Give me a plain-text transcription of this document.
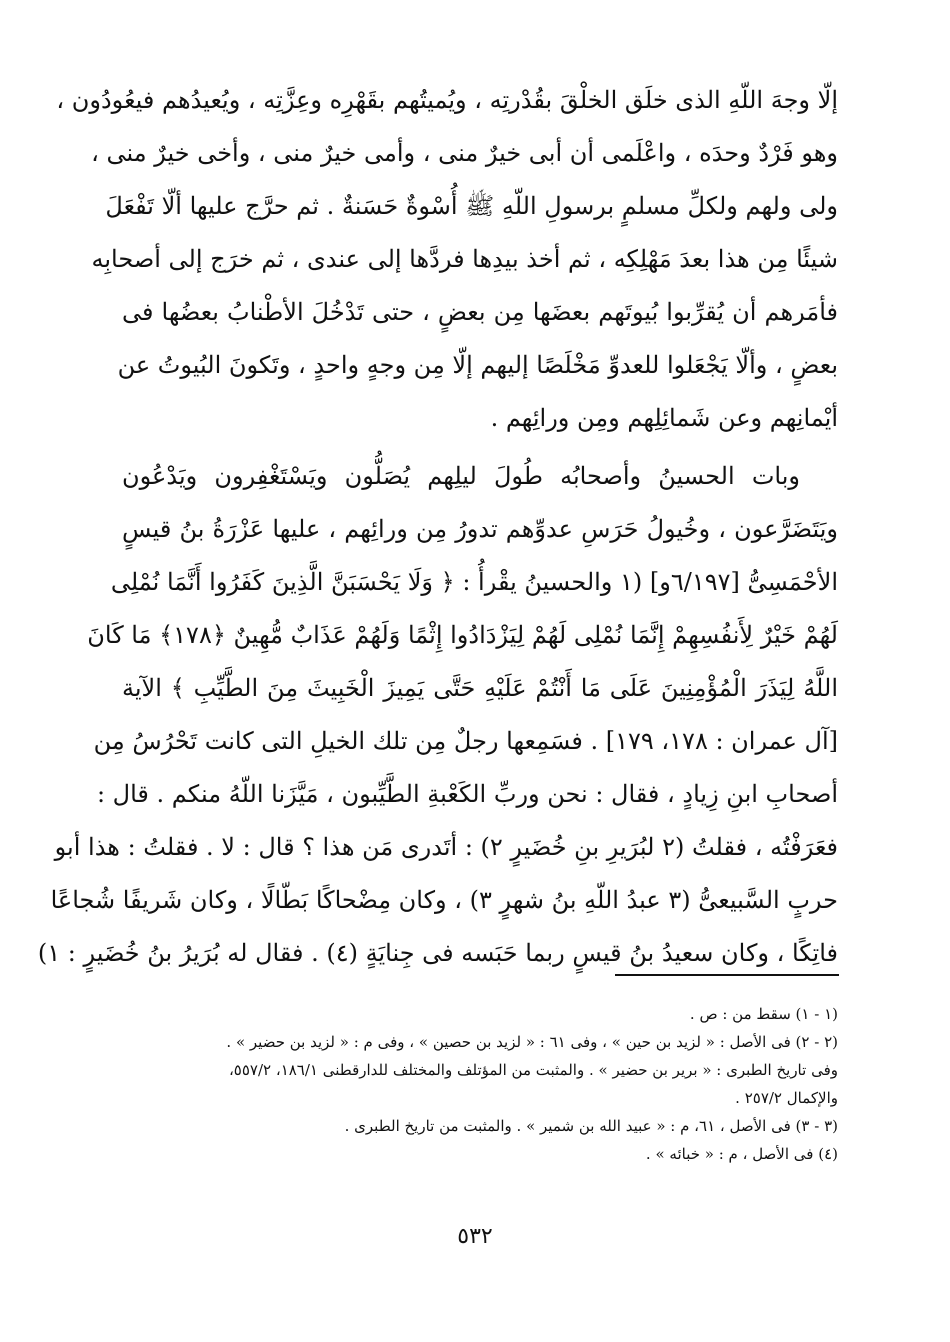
إلّا وجهَ اللّهِ الذى خلَق الخلْقَ بقُدْرتِه ، ويُميتُهم بقَهْرِه وعِزَّتِه ، ويُعيدُهم فيعُودُون ،
وهو فَرْدٌ وحدَه ، واعْلَمى أن أبى خيرٌ منى ، وأمى خيرٌ منى ، وأخى خيرٌ منى ،
ولى ولهم ولكلِّ مسلمٍ برسولِ اللّهِ ﷺ أُسْوةٌ حَسَنةٌ . ثم حرَّج عليها ألّا تَفْعَلَ
شيئًا مِن هذا بعدَ مَهْلِكِه ، ثم أخذ بيدِها فردَّها إلى عندى ، ثم خرَج إلى أصحابِه
فأمَرهم أن يُقرِّبوا بُيوتَهم بعضَها مِن بعضٍ ، حتى تَدْخُلَ الأطْنابُ بعضُها فى
بعضٍ ، وألّا يَجْعَلوا للعدوِّ مَخْلَصًا إليهم إلّا مِن وجهٍ واحدٍ ، وتَكونَ البُيوتُ عن
أيْمانِهم وعن شَمائِلِهم ومِن ورائِهم .
وبات الحسينُ وأصحابُه طُولَ ليلِهم يُصَلُّون ويَسْتَغْفِرون ويَدْعُون
ويَتَضَرَّعون ، وخُيولُ حَرَسِ عدوِّهم تدورُ مِن ورائِهم ، عليها عَزْرَةُ بنُ قيسٍ
الأحْمَسِىُّ [٦/١٩٧و] (١ والحسينُ يقْرأُ : ﴿ وَلَا يَحْسَبَنَّ الَّذِينَ كَفَرُوا أَنَّمَا نُمْلِى
لَهُمْ خَيْرٌ لِأَنفُسِهِمْ إِنَّمَا نُمْلِى لَهُمْ لِيَزْدَادُوا إِثْمًا وَلَهُمْ عَذَابٌ مُّهِينٌ ﴿١٧٨﴾ مَا كَانَ
اللَّهُ لِيَذَرَ الْمُؤْمِنِينَ عَلَى مَا أَنْتُمْ عَلَيْهِ حَتَّى يَمِيزَ الْخَبِيثَ مِنَ الطَّيِّبِ ﴾ الآية
[آل عمران : ١٧٨، ١٧٩] . فسَمِعها رجلٌ مِن تلك الخيلِ التى كانت تَحْرُسُ مِن
أصحابِ ابنِ زِيادٍ ، فقال : نحن وربِّ الكَعْبةِ الطَّيِّبون ، مَيَّزَنا اللّهُ منكم . قال :
فعَرَفْتُه ، فقلتُ (٢ لبُرَيرِ بنِ خُضَيرٍ ٢) : أتَدرى مَن هذا ؟ قال : لا . فقلتُ : هذا أبو
حربٍ السَّبيعىُّ (٣ عبدُ اللّهِ بنُ شهرٍ ٣) ، وكان مِضْحاكًا بَطّالًا ، وكان شَريفًا شُجاعًا
فاتِكًا ، وكان سعيدُ بنُ قيسٍ ربما حَبَسه فى جِنايَةٍ (٤) . فقال له بُرَيرُ بنُ خُضَيرٍ : ١)
(١ - ١) سقط من : ص .
(٢ - ٢) فى الأصل : « لزيد بن حين » ، وفى ٦١ : « لزيد بن حصين » ، وفى م : « لزيد بن حضير » .
وفى تاريخ الطبرى : « برير بن حضير » . والمثبت من المؤتلف والمختلف للدارقطنى ١٨٦/١، ٥٥٧/٢،
والإكمال ٢٥٧/٢ .
(٣ - ٣) فى الأصل ، ٦١، م : « عبيد الله بن شمير » . والمثبت من تاريخ الطبرى .
(٤) فى الأصل ، م : « خبائه » .
٥٣٢
